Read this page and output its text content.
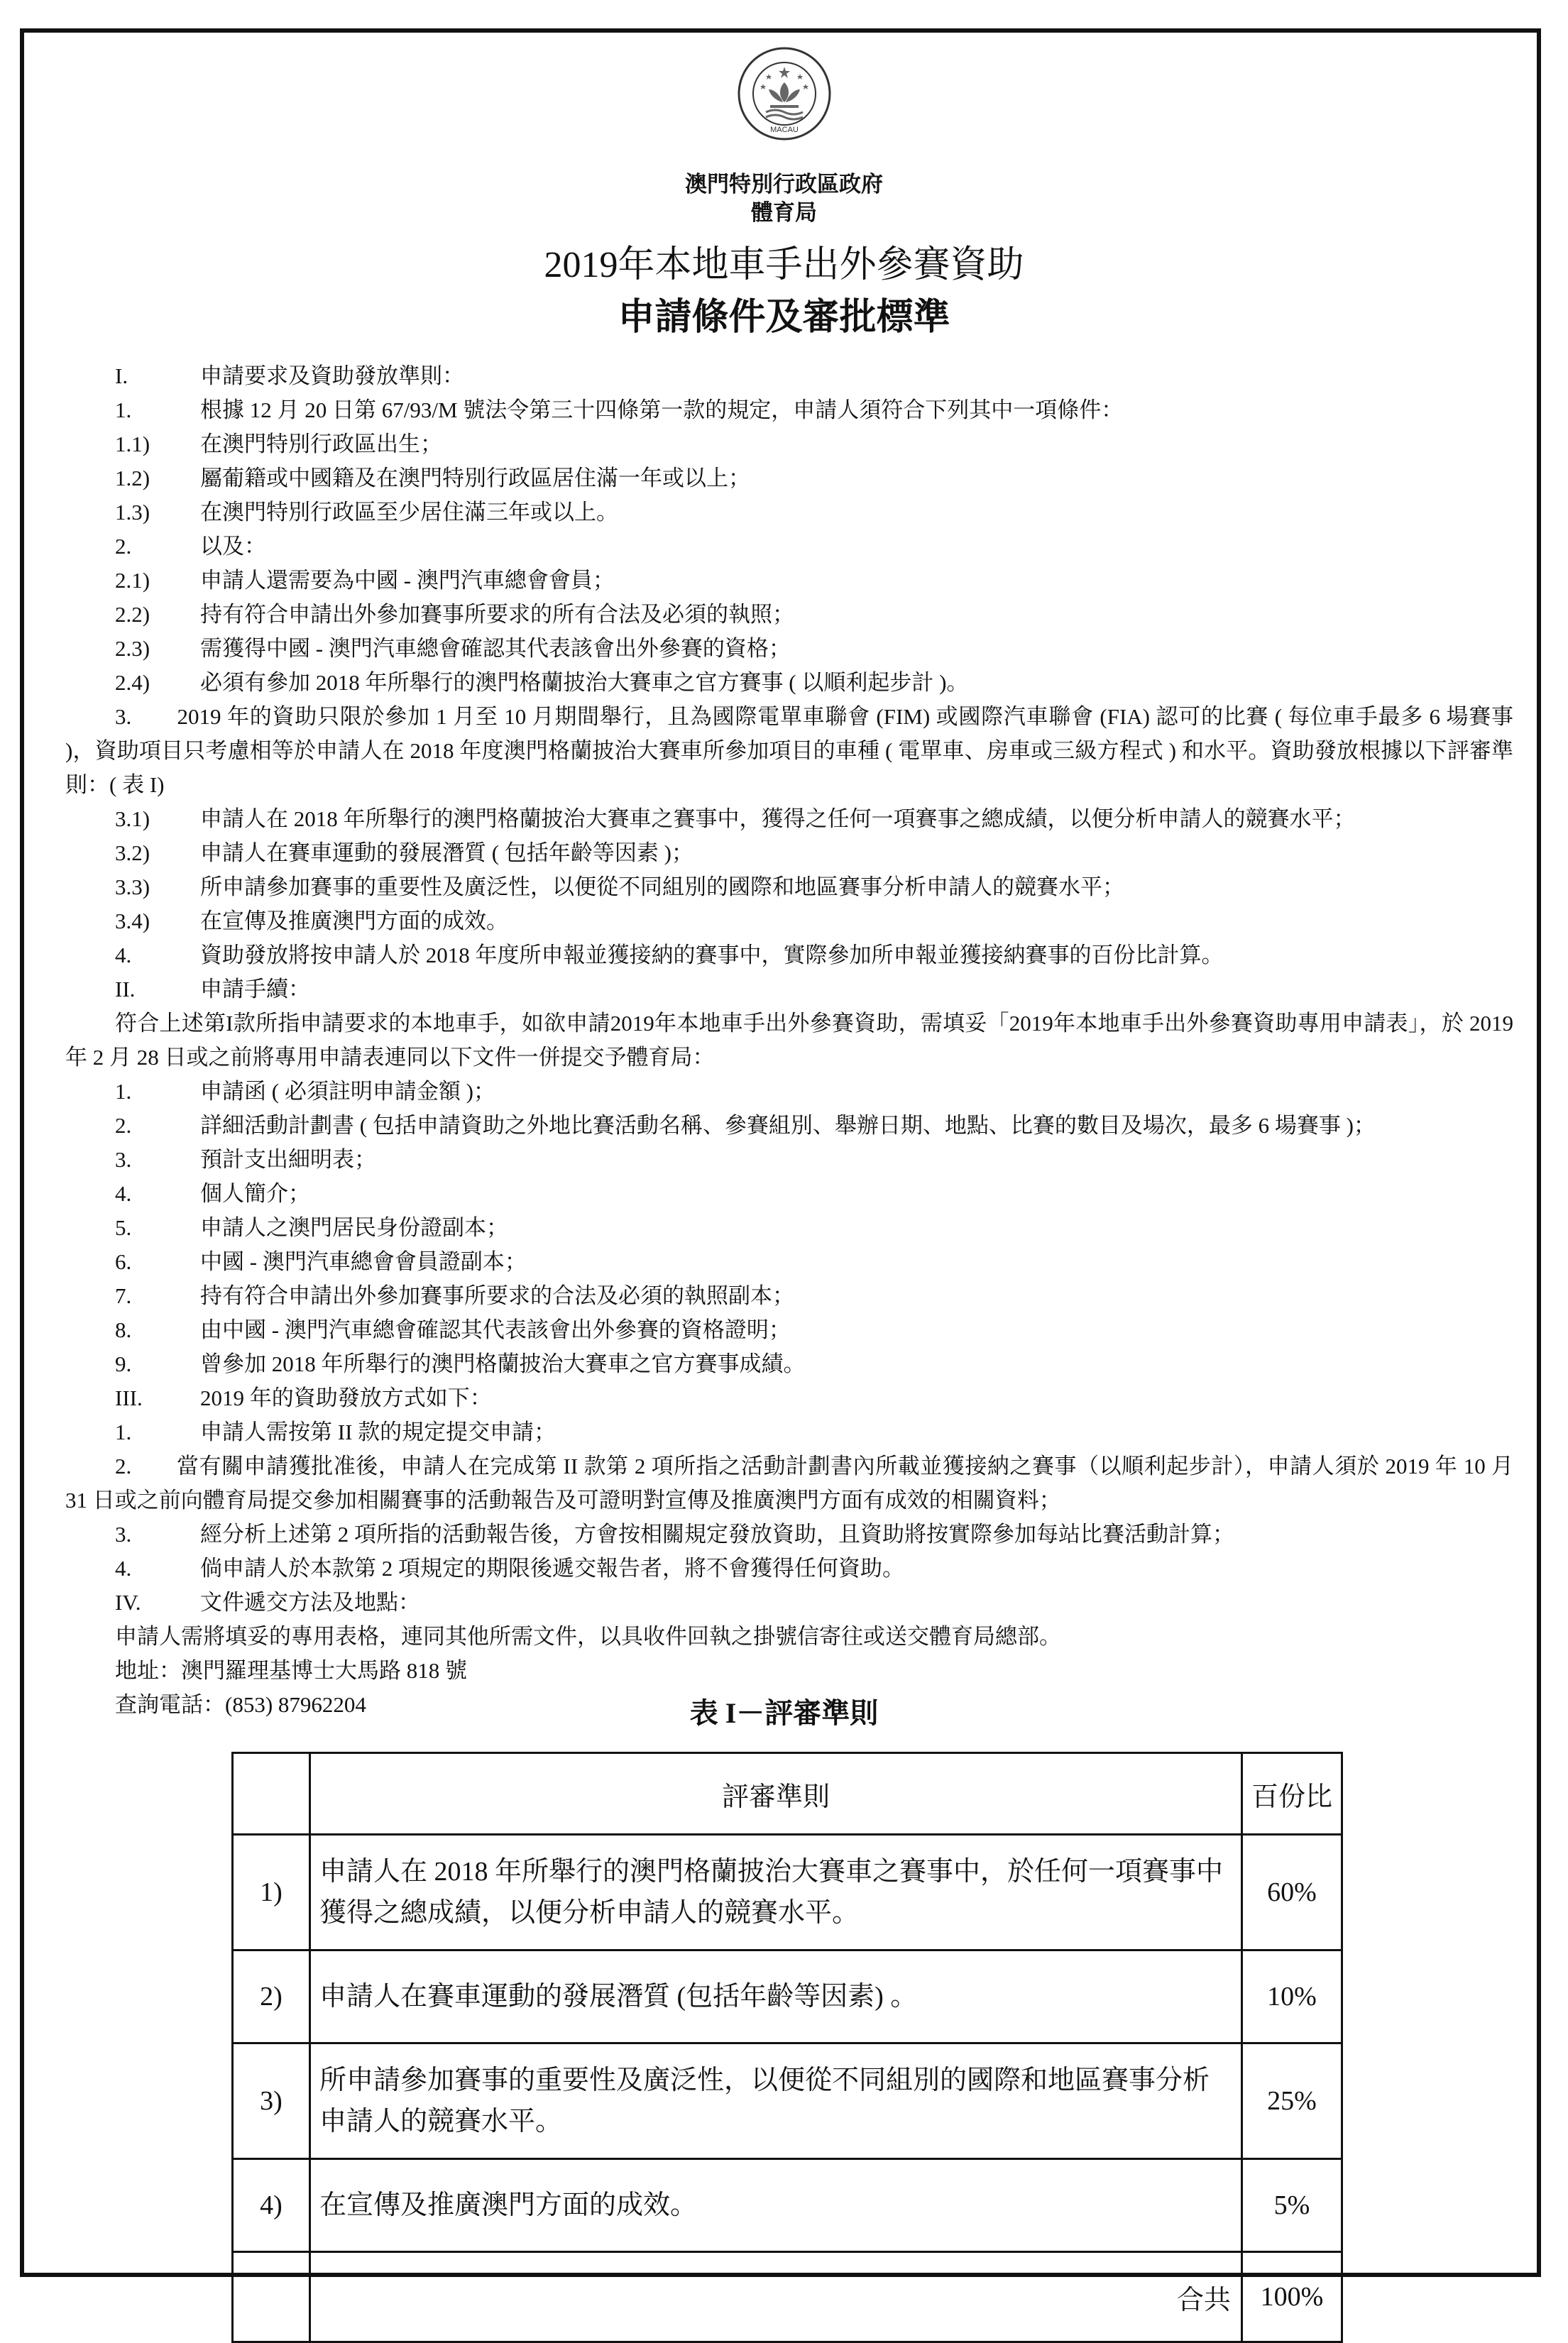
MACAU
澳門特別行政區政府
體育局
2019年本地車手出外參賽資助
申請條件及審批標準
I.	申請要求及資助發放準則：
1.	根據 12 月 20 日第 67/93/M 號法令第三十四條第一款的規定，申請人須符合下列其中一項條件：
1.1)	在澳門特別行政區出生；
1.2)	屬葡籍或中國籍及在澳門特別行政區居住滿一年或以上；
1.3)	在澳門特別行政區至少居住滿三年或以上。
2.	以及：
2.1)	申請人還需要為中國 - 澳門汽車總會會員；
2.2)	持有符合申請出外參加賽事所要求的所有合法及必須的執照；
2.3)	需獲得中國 - 澳門汽車總會確認其代表該會出外參賽的資格；
2.4)	必須有參加 2018 年所舉行的澳門格蘭披治大賽車之官方賽事 ( 以順利起步計 )。
3.　　2019 年的資助只限於參加 1 月至 10 月期間舉行，且為國際電單車聯會 (FIM) 或國際汽車聯會 (FIA) 認可的比賽 ( 每位車手最多 6 場賽事 )，資助項目只考慮相等於申請人在 2018 年度澳門格蘭披治大賽車所參加項目的車種 ( 電單車、房車或三級方程式 ) 和水平。資助發放根據以下評審準則：( 表 I)
3.1)	申請人在 2018 年所舉行的澳門格蘭披治大賽車之賽事中，獲得之任何一項賽事之總成績，以便分析申請人的競賽水平；
3.2)	申請人在賽車運動的發展潛質 ( 包括年齡等因素 )；
3.3)	所申請參加賽事的重要性及廣泛性，以便從不同組別的國際和地區賽事分析申請人的競賽水平；
3.4)	在宣傳及推廣澳門方面的成效。
4.	資助發放將按申請人於 2018 年度所申報並獲接納的賽事中，實際參加所申報並獲接納賽事的百份比計算。
II.	申請手續：
符合上述第I款所指申請要求的本地車手，如欲申請2019年本地車手出外參賽資助，需填妥「2019年本地車手出外參賽資助專用申請表」，於 2019 年 2 月 28 日或之前將專用申請表連同以下文件一併提交予體育局：
1.	申請函 ( 必須註明申請金額 )；
2.	詳細活動計劃書 ( 包括申請資助之外地比賽活動名稱、參賽組別、舉辦日期、地點、比賽的數目及場次，最多 6 場賽事 )；
3.	預計支出細明表；
4.	個人簡介；
5.	申請人之澳門居民身份證副本；
6.	中國 - 澳門汽車總會會員證副本；
7.	持有符合申請出外參加賽事所要求的合法及必須的執照副本；
8.	由中國 - 澳門汽車總會確認其代表該會出外參賽的資格證明；
9.	曾參加 2018 年所舉行的澳門格蘭披治大賽車之官方賽事成績。
III.	2019 年的資助發放方式如下：
1.	申請人需按第 II 款的規定提交申請；
2.　　當有關申請獲批准後，申請人在完成第 II 款第 2 項所指之活動計劃書內所載並獲接納之賽事（以順利起步計），申請人須於 2019 年 10 月 31 日或之前向體育局提交參加相關賽事的活動報告及可證明對宣傳及推廣澳門方面有成效的相關資料；
3.	經分析上述第 2 項所指的活動報告後，方會按相關規定發放資助，且資助將按實際參加每站比賽活動計算；
4.	倘申請人於本款第 2 項規定的期限後遞交報告者，將不會獲得任何資助。
IV.	文件遞交方法及地點：
申請人需將填妥的專用表格，連同其他所需文件，以具收件回執之掛號信寄往或送交體育局總部。
地址：澳門羅理基博士大馬路 818 號
查詢電話：(853) 87962204	表 I－評審準則
	評審準則	百份比
1)	申請人在 2018 年所舉行的澳門格蘭披治大賽車之賽事中，於任何一項賽事中獲得之總成績，以便分析申請人的競賽水平。	60%
2)	申請人在賽車運動的發展潛質 (包括年齡等因素) 。	10%
3)	所申請參加賽事的重要性及廣泛性，以便從不同組別的國際和地區賽事分析申請人的競賽水平。	25%
4)	在宣傳及推廣澳門方面的成效。	5%
	合共	100%
